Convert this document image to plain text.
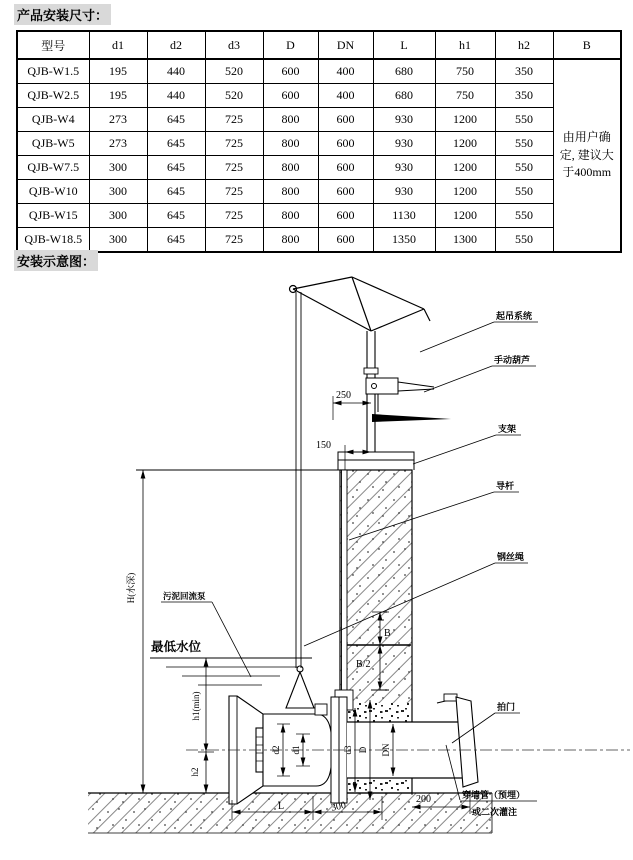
产品安装尺寸：
型号	d1	d2	d3	D	DN	L	h1	h2	B
QJB-W1.5	195	440	520	600	400	680	750	350	由用户确定, 建议大于400mm
QJB-W2.5	195	440	520	600	400	680	750	350	
QJB-W4	273	645	725	800	600	930	1200	550	
QJB-W5	273	645	725	800	600	930	1200	550	
QJB-W7.5	300	645	725	800	600	930	1200	550	
QJB-W10	300	645	725	800	600	930	1200	550	
QJB-W15	300	645	725	800	600	1130	1200	550	
QJB-W18.5	300	645	725	800	600	1350	1300	550	
安装示意图：
d2 d1	d3 D DN
H(水深)
h1(min)
h2
250
150
B
B/2
L	300
200
起吊系统
手动葫芦
支架
导杆
钢丝绳
拍门
穿墙管（预埋）
或二次灌注
污泥回流泵
最低水位
